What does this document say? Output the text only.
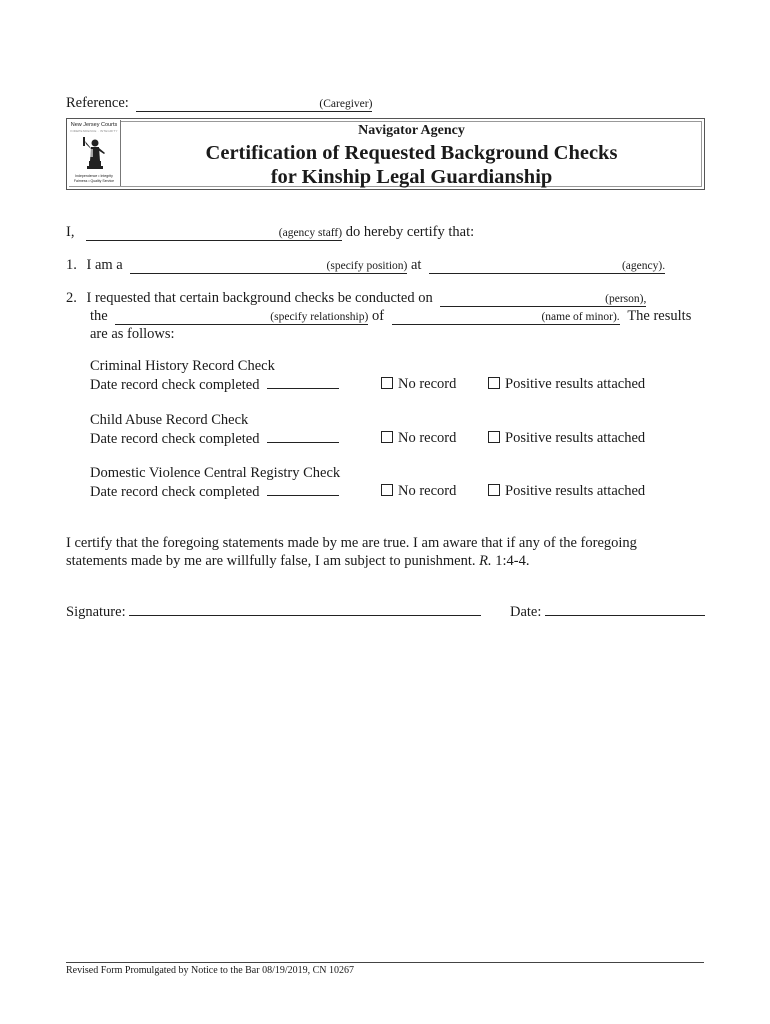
Reference:	(Caregiver)
New Jersey Courts
INDEPENDENCE · INTEGRITY
Independence • Integrity
Fairness • Quality Service
Navigator Agency
Certification of Requested Background Checks
for Kinship Legal Guardianship
I,	(agency staff) do hereby certify that:
1. I am a	(specify position) at	(agency).
2. I requested that certain background checks be conducted on	(person),
the	(specify relationship) of	(name of minor). The results
are as follows:
Criminal History Record Check
Date record check completed	No record	Positive results attached
Child Abuse Record Check
Date record check completed	No record	Positive results attached
Domestic Violence Central Registry Check
Date record check completed	No record	Positive results attached
I certify that the foregoing statements made by me are true. I am aware that if any of the foregoing
statements made by me are willfully false, I am subject to punishment. R. 1:4-4.
Signature:	Date:
Revised Form Promulgated by Notice to the Bar 08/19/2019, CN 10267
